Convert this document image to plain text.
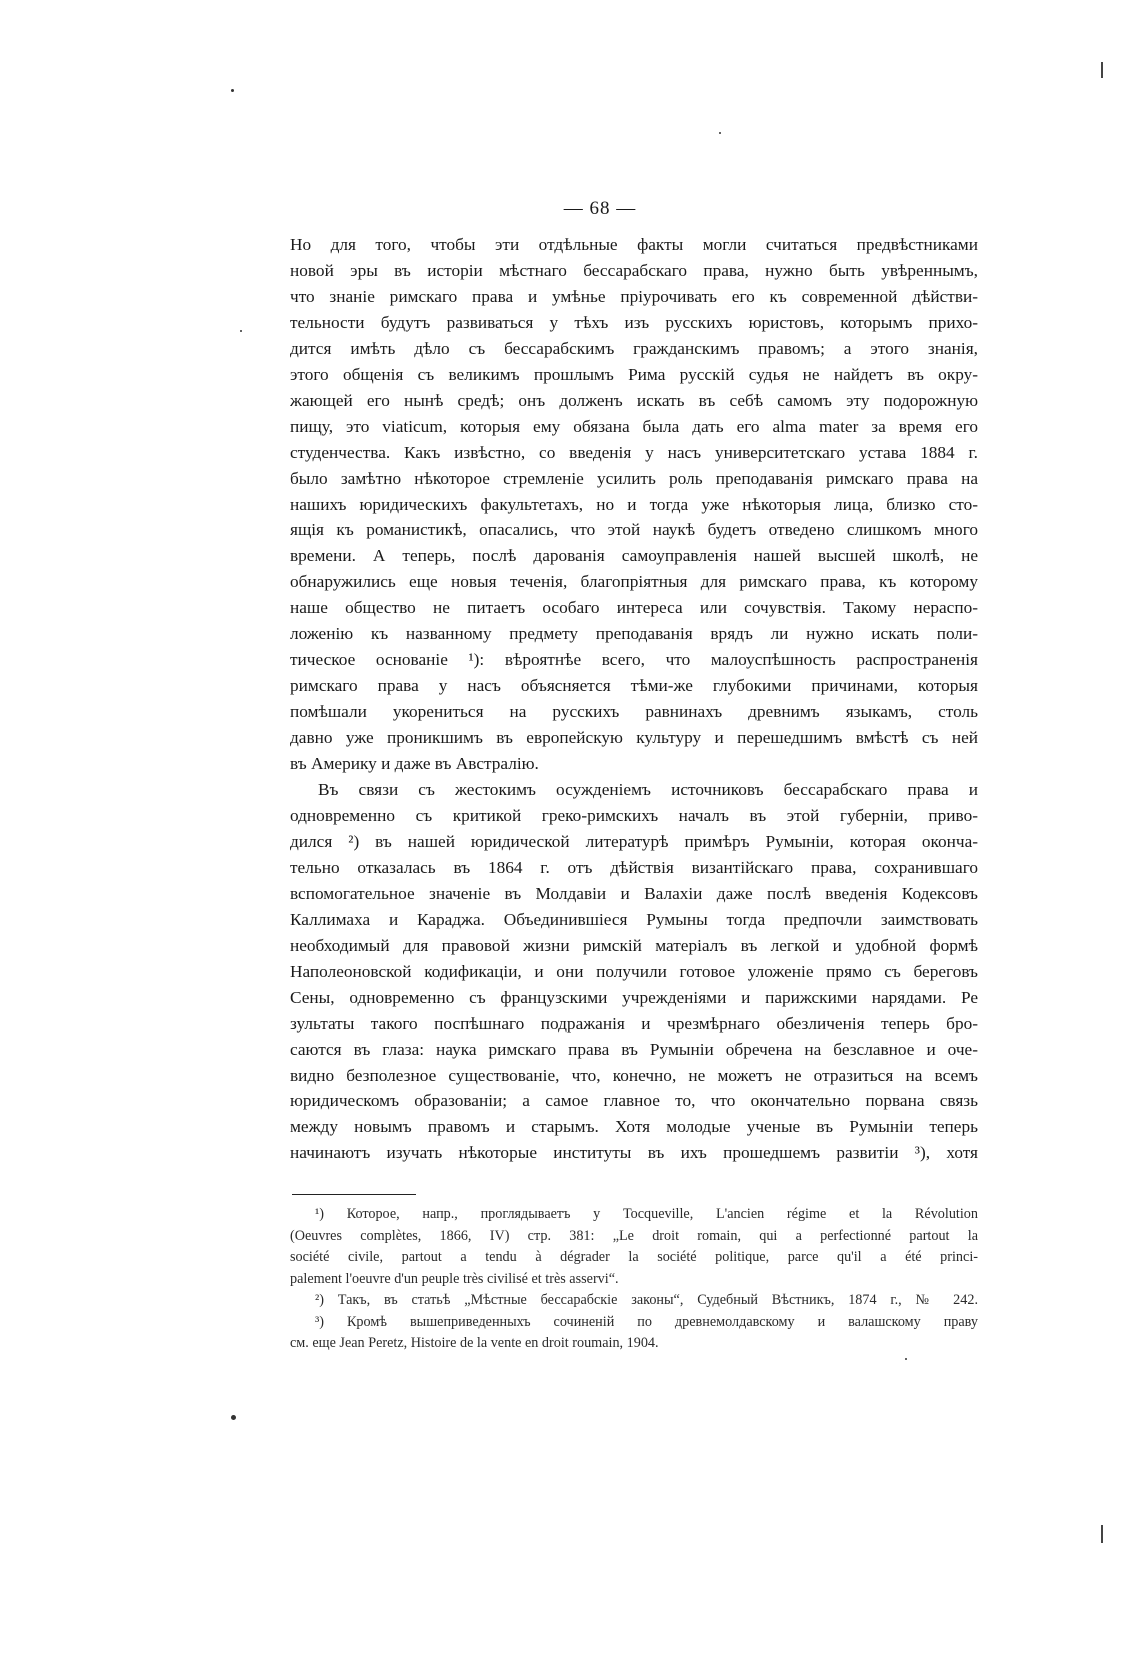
— 68 —
Но для того, чтобы эти отдѣльные факты могли считаться предвѣстниками
новой эры въ исторіи мѣстнаго бессарабскаго права, нужно быть увѣреннымъ,
что знаніе римскаго права и умѣнье пріурочивать его къ современной дѣйстви-
тельности будутъ развиваться у тѣхъ изъ русскихъ юристовъ, которымъ прихо-
дится имѣть дѣло съ бессарабскимъ гражданскимъ правомъ; а этого знанія,
этого общенія съ великимъ прошлымъ Рима русскій судья не найдетъ въ окру-
жающей его нынѣ средѣ; онъ долженъ искать въ себѣ самомъ эту подорожную
пищу, это viaticum, которыя ему обязана была дать его alma mater за время его
студенчества. Какъ извѣстно, со введенія у насъ университетскаго устава 1884 г.
было замѣтно нѣкоторое стремленіе усилить роль преподаванія римскаго права на
нашихъ юридическихъ факультетахъ, но и тогда уже нѣкоторыя лица, близко сто-
ящія къ романистикѣ, опасались, что этой наукѣ будетъ отведено слишкомъ много
времени. А теперь, послѣ дарованія самоуправленія нашей высшей школѣ, не
обнаружились еще новыя теченія, благопріятныя для римскаго права, къ которому
наше общество не питаетъ особаго интереса или сочувствія. Такому нераспо-
ложенію къ названному предмету преподаванія врядъ ли нужно искать поли-
тическое основаніе ¹): вѣроятнѣе всего, что малоуспѣшность распространенія
римскаго права у насъ объясняется тѣми-же глубокими причинами, которыя
помѣшали укорениться на русскихъ равнинахъ древнимъ языкамъ, столь
давно уже проникшимъ въ европейскую культуру и перешедшимъ вмѣстѣ съ ней
въ Америку и даже въ Австралію.
Въ связи съ жестокимъ осужденіемъ источниковъ бессарабскаго права и
одновременно съ критикой греко-римскихъ началъ въ этой губерніи, приво-
дился ²) въ нашей юридической литературѣ примѣръ Румыніи, которая оконча-
тельно отказалась въ 1864 г. отъ дѣйствія византійскаго права, сохранившаго
вспомогательное значеніе въ Молдавіи и Валахіи даже послѣ введенія Кодексовъ
Каллимаха и Караджа. Объединившіеся Румыны тогда предпочли заимствовать
необходимый для правовой жизни римскій матеріалъ въ легкой и удобной формѣ
Наполеоновской кодификаціи, и они получили готовое уложеніе прямо съ береговъ
Сены, одновременно съ французскими учрежденіями и парижскими нарядами. Ре
зультаты такого поспѣшнаго подражанія и чрезмѣрнаго обезличенія теперь бро-
саются въ глаза: наука римскаго права въ Румыніи обречена на безславное и оче-
видно безполезное существованіе, что, конечно, не можетъ не отразиться на всемъ
юридическомъ образованіи; а самое главное то, что окончательно порвана связь
между новымъ правомъ и старымъ. Хотя молодые ученые въ Румыніи теперь
начинаютъ изучать нѣкоторые институты въ ихъ прошедшемъ развитіи ³), хотя
¹) Которое, напр., проглядываетъ у Tocqueville, L'ancien régime et la Révolution
(Oeuvres complètes, 1866, IV) стр. 381: „Le droit romain, qui a perfectionné partout la
société civile, partout a tendu à dégrader la société politique, parce qu'il a été princi-
palement l'oeuvre d'un peuple très civilisé et très asservi“.
²) Такъ, въ статьѣ „Мѣстные бессарабскіе законы“, Судебный Вѣстникъ, 1874 г., № 242.
³) Кромѣ вышеприведенныхъ сочиненій по древнемолдавскому и валашскому праву
см. еще Jean Peretz, Histoire de la vente en droit roumain, 1904.
